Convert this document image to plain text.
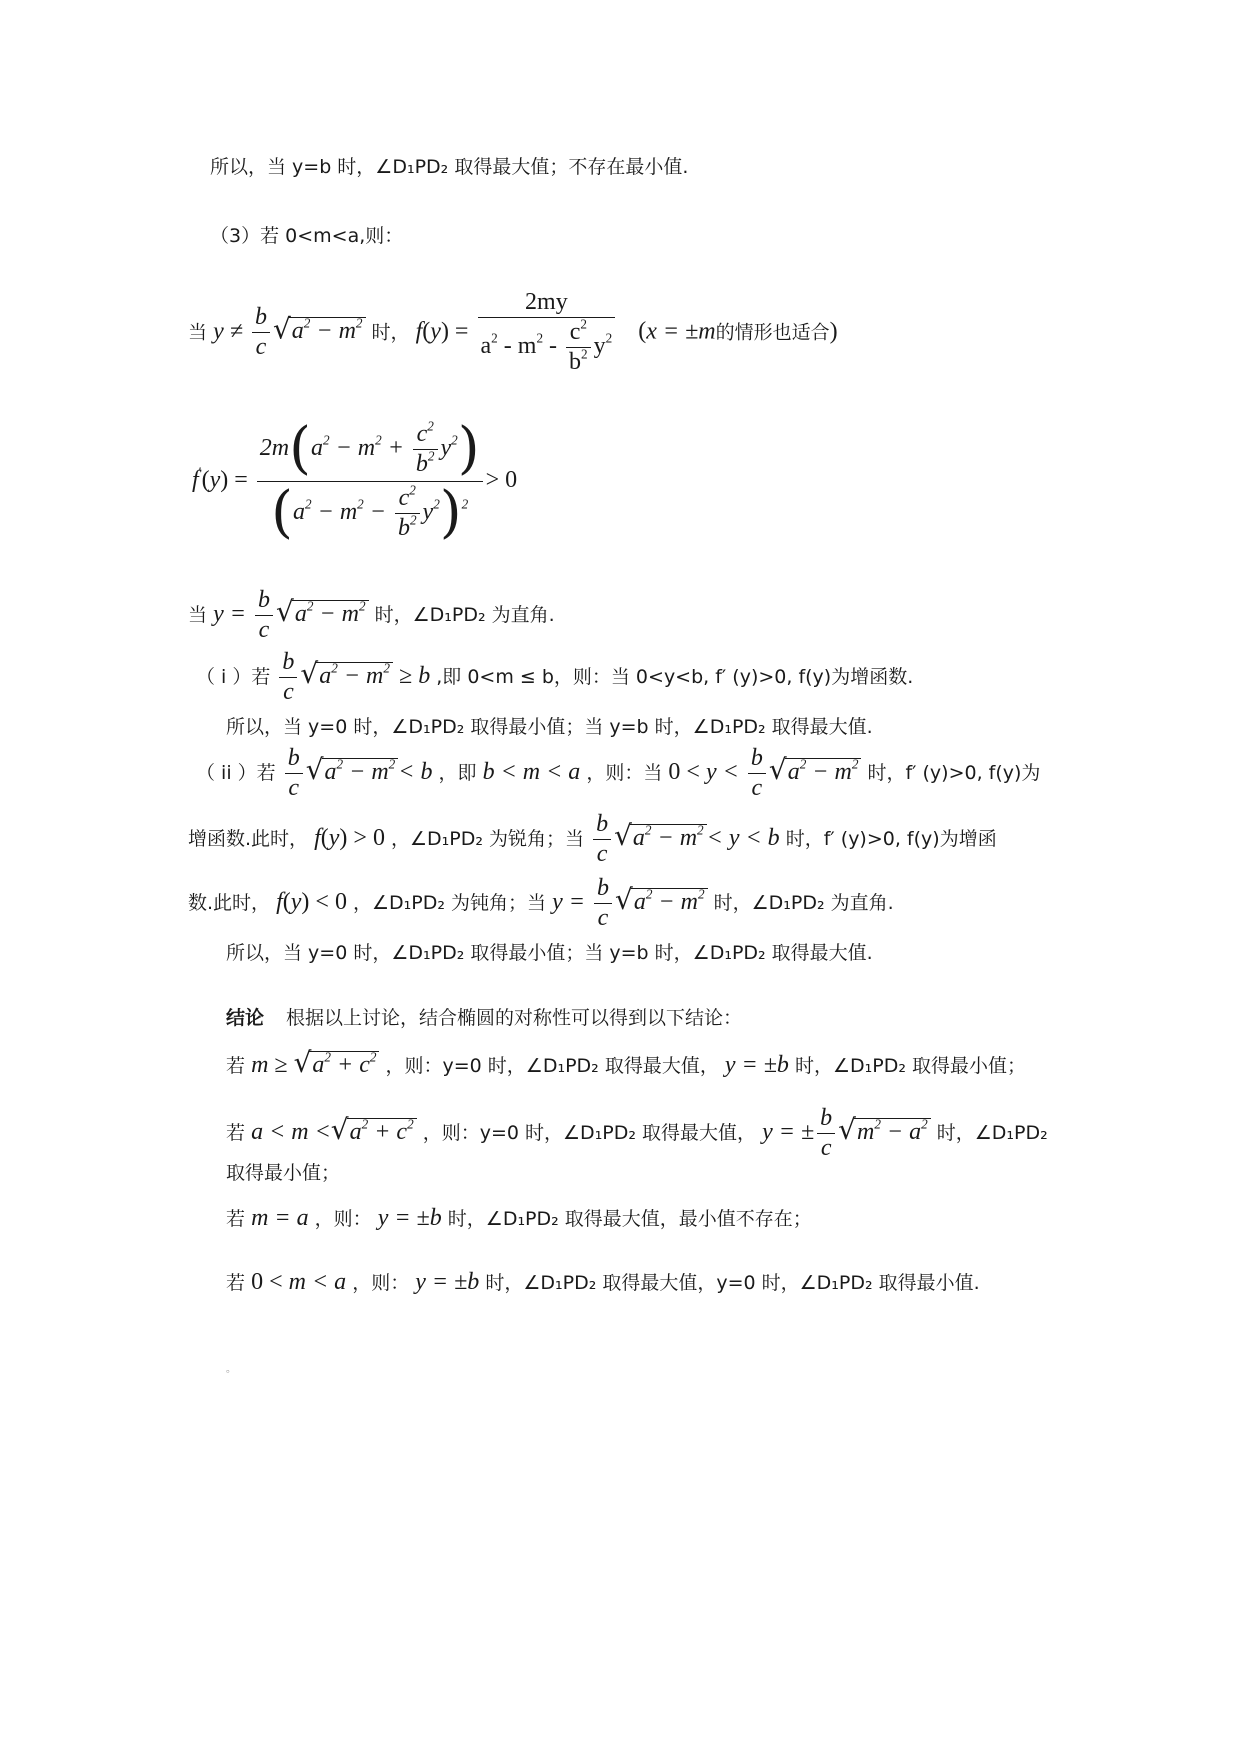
所以，当 y=b 时，∠D₁PD₂ 取得最大值；不存在最小值.
（3）若 0<m<a,则：
当 $y \ne \frac{b}{c} √a^2 - m^2$ 时， $f(y) = \frac{2my}{a^2 - m^2 - \frac{c^2}{b^2} y^2} (x = \pm m$的情形也适合)
$f'(y) = \frac{2m(a^2 - m^2 + \frac{c^2}{b^2} y^2)}{(a^2 - m^2 - \frac{c^2}{b^2} y^2)^2} > 0$
当 $y = \frac{b}{c} √a^2 - m^2$ 时，∠D₁PD₂ 为直角.
（ i ）若 $\frac{b}{c} √a^2 - m^2 \ge b$ ,即 0<m ≤ b，则：当 0<y<b, f′ (y)>0, f(y)为增函数.
所以，当 y=0 时，∠D₁PD₂ 取得最小值；当 y=b 时，∠D₁PD₂ 取得最大值.
（ ii ）若 $\frac{b}{c} √a^2 - m^2 < b$ ，即 b < m < a ，则：当 $0 < y < \frac{b}{c} √a^2 - m^2$ 时，f′ (y)>0, f(y)为
增函数.此时， f(y) > 0 ，∠D₁PD₂ 为锐角；当 $\frac{b}{c} √a^2 - m^2 < y < b$ 时，f′ (y)>0, f(y)为增函
数.此时， f(y) < 0 ，∠D₁PD₂ 为钝角；当 $y = \frac{b}{c} √a^2 - m^2$ 时，∠D₁PD₂ 为直角.
所以，当 y=0 时，∠D₁PD₂ 取得最小值；当 y=b 时，∠D₁PD₂ 取得最大值.
结论 根据以上讨论，结合椭圆的对称性可以得到以下结论：
若 $m \ge √a^2 + c^2$ ，则：y=0 时，∠D₁PD₂ 取得最大值， y = ±b 时，∠D₁PD₂ 取得最小值；
若 $a < m <√a^2 + c^2$ ，则：y=0 时，∠D₁PD₂ 取得最大值， y = ± $\frac{b}{c} √m^2 - a^2$ 时，∠D₁PD₂
取得最小值；
若 m = a ，则： y = ±b 时，∠D₁PD₂ 取得最大值，最小值不存在；
若 0 < m < a ，则： y = ±b 时，∠D₁PD₂ 取得最大值，y=0 时，∠D₁PD₂ 取得最小值.
。
